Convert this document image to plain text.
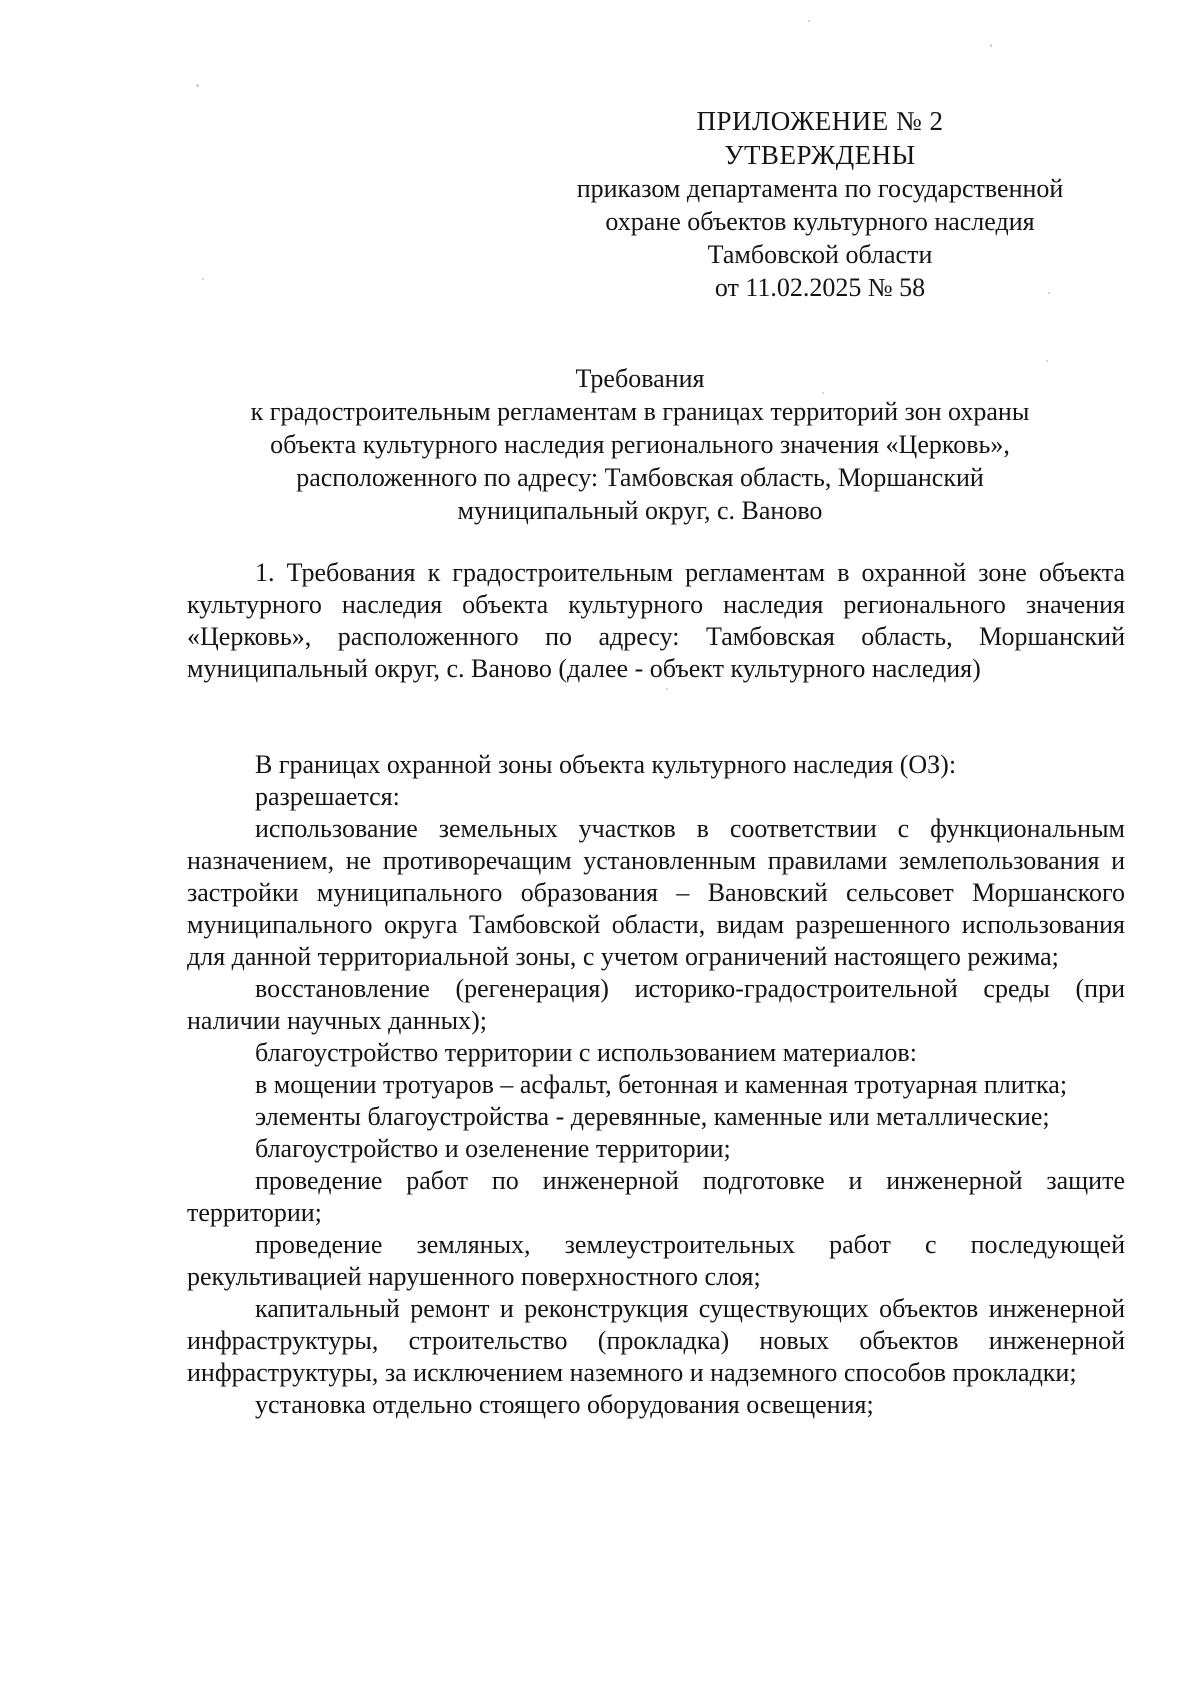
ПРИЛОЖЕНИЕ № 2
УТВЕРЖДЕНЫ
приказом департамента по государственной
охране объектов культурного наследия
Тамбовской области
от 11.02.2025 № 58
Требования
к градостроительным регламентам в границах территорий зон охраны
объекта культурного наследия регионального значения «Церковь»,
расположенного по адресу: Тамбовская область, Моршанский
муниципальный округ, с. Ваново

1. Требования к градостроительным регламентам в охранной зоне объекта культурного наследия объекта культурного наследия регионального значения «Церковь», расположенного по адресу: Тамбовская область, Моршанский муниципальный округ, с. Ваново (далее - объект культурного наследия)

В границах охранной зоны объекта культурного наследия (ОЗ):

разрешается:

использование земельных участков в соответствии с функциональным назначением, не противоречащим установленным правилами землепользования и застройки муниципального образования – Вановский сельсовет Моршанского муниципального округа Тамбовской области, видам разрешенного использования для данной территориальной зоны, с учетом ограничений настоящего режима;

восстановление (регенерация) историко-градостроительной среды (при наличии научных данных);

благоустройство территории с использованием материалов:

в мощении тротуаров – асфальт, бетонная и каменная тротуарная плитка;

элементы благоустройства - деревянные, каменные или металлические;

благоустройство и озеленение территории;

проведение работ по инженерной подготовке и инженерной защите территории;

проведение земляных, землеустроительных работ с последующей рекультивацией нарушенного поверхностного слоя;

капитальный ремонт и реконструкция существующих объектов инженерной инфраструктуры, строительство (прокладка) новых объектов инженерной инфраструктуры, за исключением наземного и надземного способов прокладки;

установка отдельно стоящего оборудования освещения;
